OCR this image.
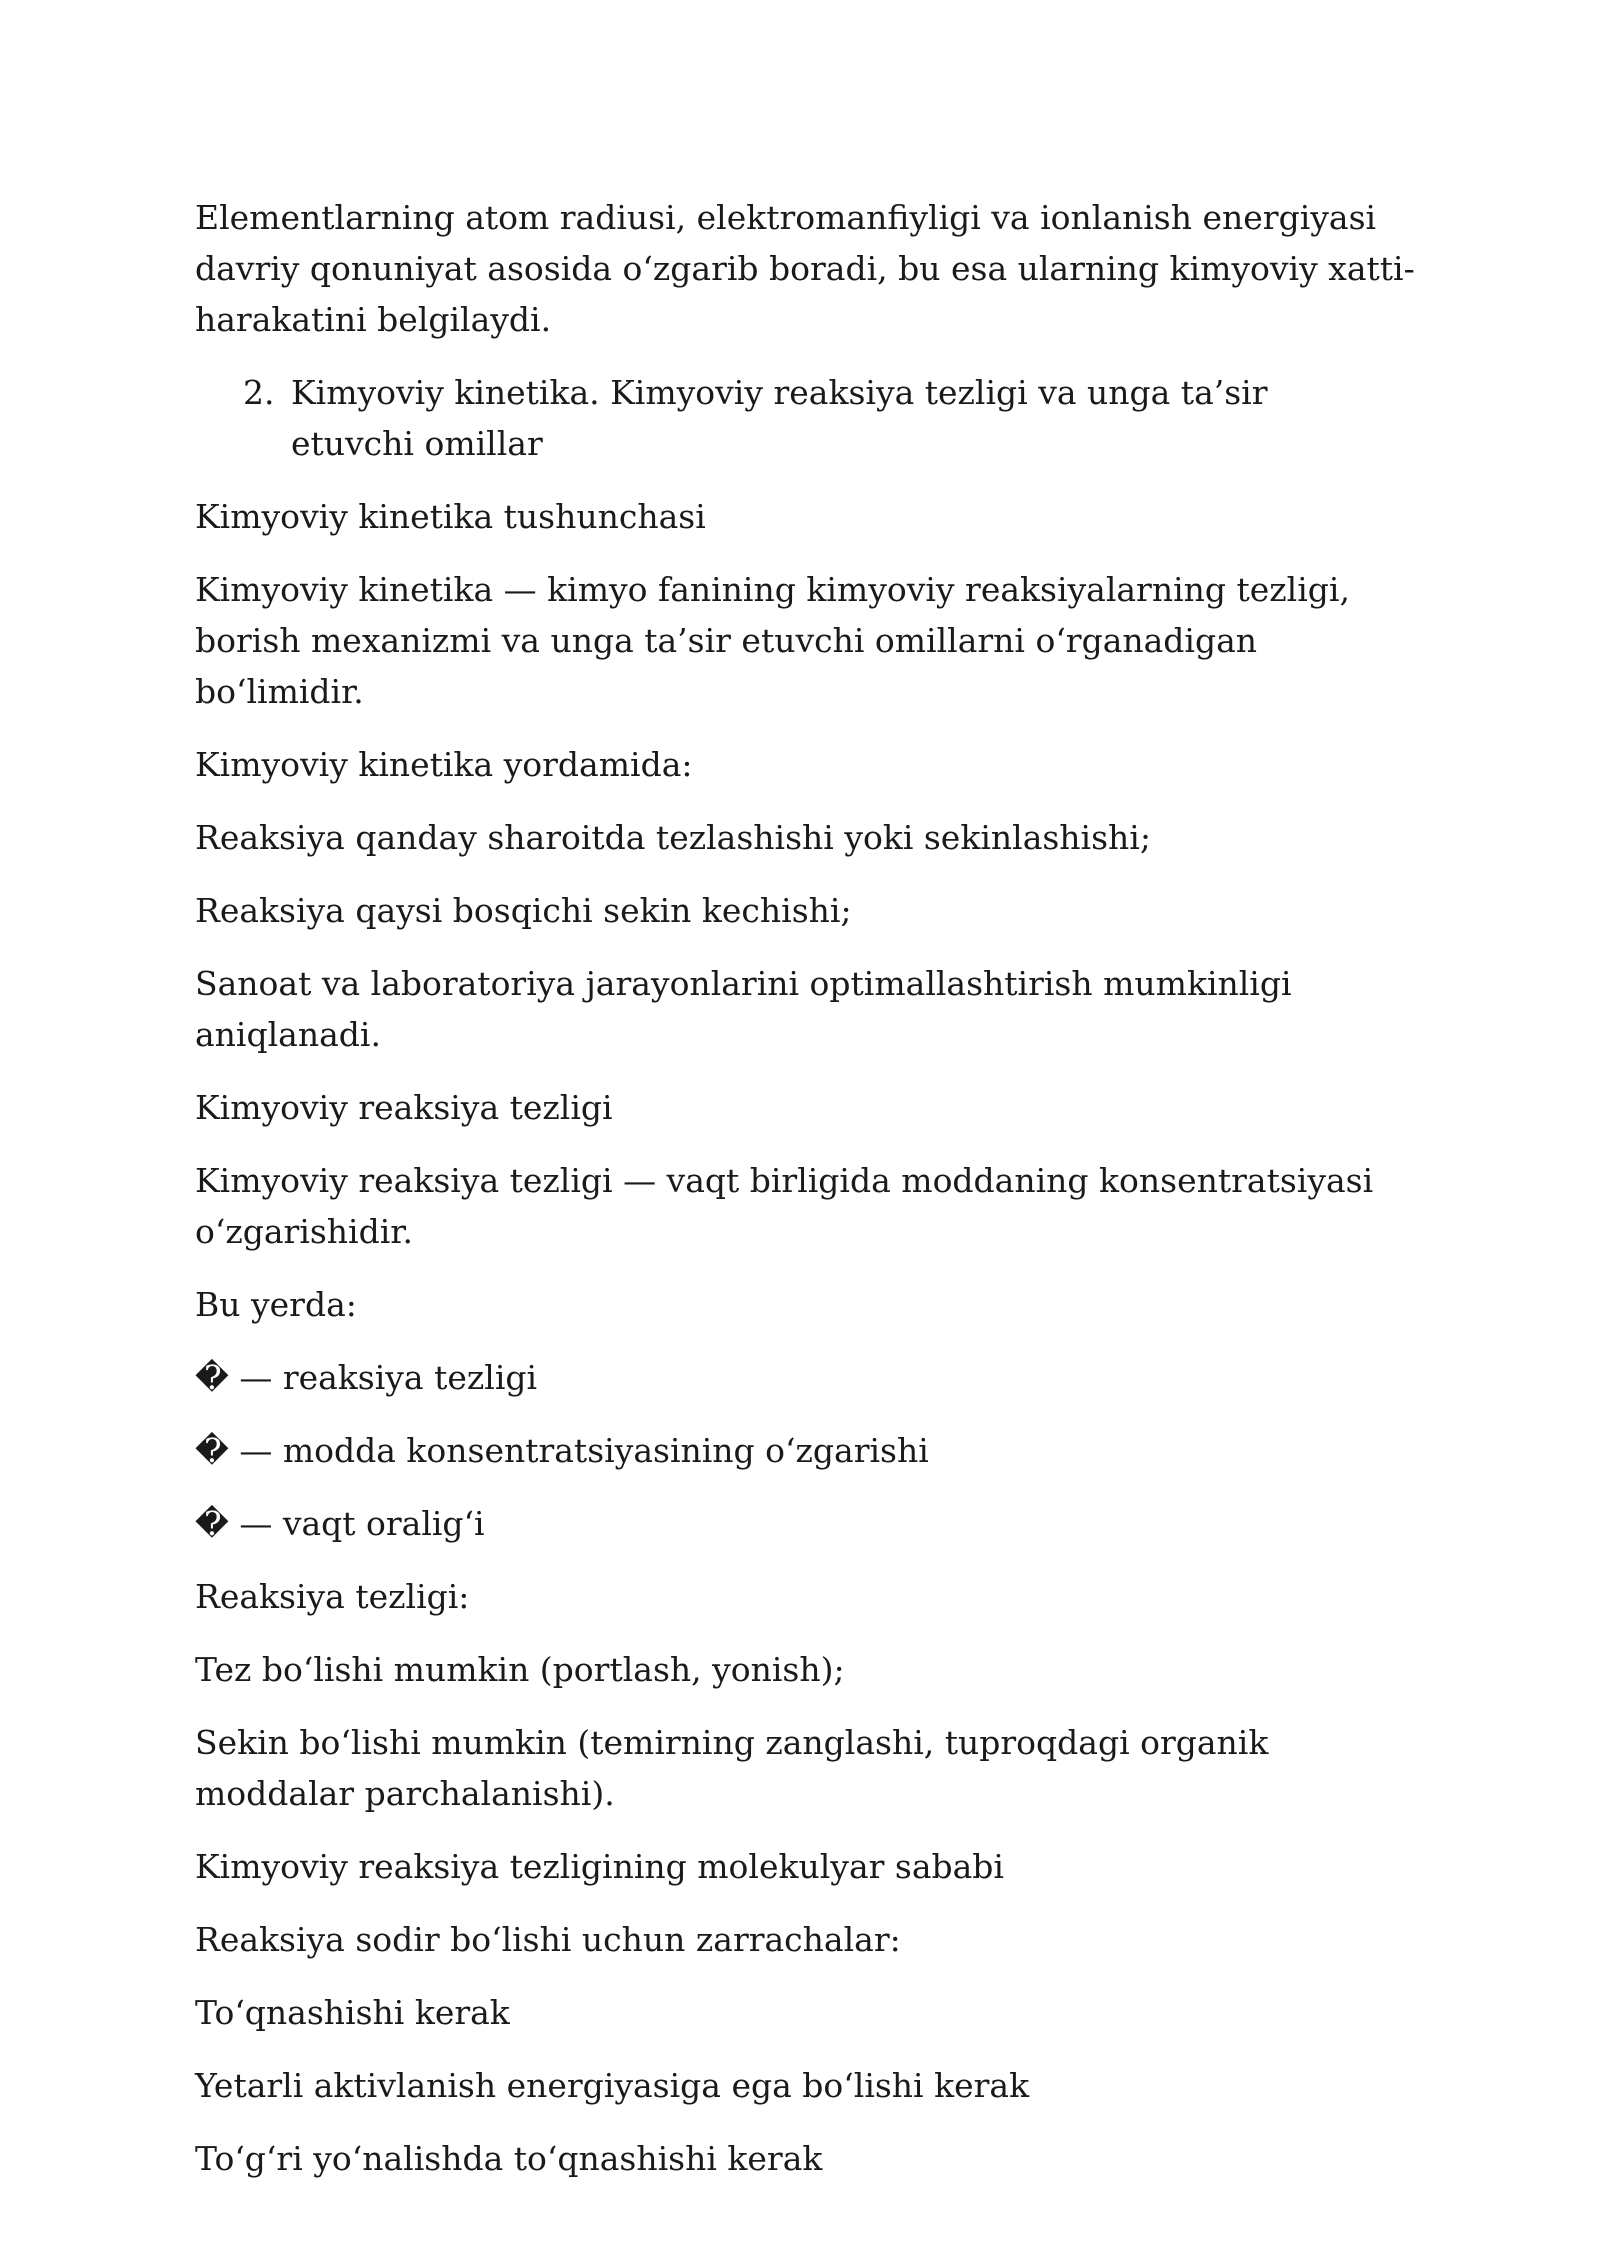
Elementlarning atom radiusi, elektromanfiyligi va ionlanish energiyasi davriy qonuniyat asosida o‘zgarib boradi, bu esa ularning kimyoviy xatti-harakatini belgilaydi.

2. Kimyoviy kinetika. Kimyoviy reaksiya tezligi va unga ta’sir etuvchi omillar

Kimyoviy kinetika tushunchasi

Kimyoviy kinetika — kimyo fanining kimyoviy reaksiyalarning tezligi, borish mexanizmi va unga ta’sir etuvchi omillarni o‘rganadigan bo‘limidir.

Kimyoviy kinetika yordamida:

Reaksiya qanday sharoitda tezlashishi yoki sekinlashishi;

Reaksiya qaysi bosqichi sekin kechishi;

Sanoat va laboratoriya jarayonlarini optimallashtirish mumkinligi aniqlanadi.

Kimyoviy reaksiya tezligi

Kimyoviy reaksiya tezligi — vaqt birligida moddaning konsentratsiyasi o‘zgarishidir.

Bu yerda:

� — reaksiya tezligi

� — modda konsentratsiyasining o‘zgarishi

� — vaqt oralig‘i

Reaksiya tezligi:

Tez bo‘lishi mumkin (portlash, yonish);

Sekin bo‘lishi mumkin (temirning zanglashi, tuproqdagi organik moddalar parchalanishi).

Kimyoviy reaksiya tezligining molekulyar sababi

Reaksiya sodir bo‘lishi uchun zarrachalar:

To‘qnashishi kerak

Yetarli aktivlanish energiyasiga ega bo‘lishi kerak

To‘g‘ri yo‘nalishda to‘qnashishi kerak
